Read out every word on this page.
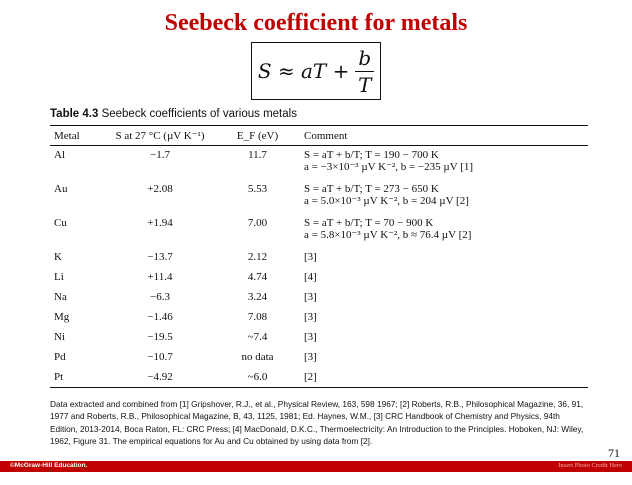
Seebeck coefficient for metals
S ≈ aT + $\frac{b}{T}$
Table 4.3 Seebeck coefficients of various metals
Metal	S at 27 °C (µV K⁻¹)	E_F (eV)	Comment
Al	−1.7	11.7	S = aT + b/T; T = 190 − 700 K
a = −3×10⁻³ µV K⁻², b = −235 µV [1]

Au	+2.08	5.53	S = aT + b/T; T = 273 − 650 K
a = 5.0×10⁻³ µV K⁻², b = 204 µV [2]

Cu	+1.94	7.00	S = aT + b/T; T = 70 − 900 K
a = 5.8×10⁻³ µV K⁻², b ≈ 76.4 µV [2]

K	−13.7	2.12	[3]

Li	+11.4	4.74	[4]

Na	−6.3	3.24	[3]

Mg	−1.46	7.08	[3]

Ni	−19.5	~7.4	[3]

Pd	−10.7	no data	[3]

Pt	−4.92	~6.0	[2]
Data extracted and combined from [1] Gripshover, R.J., et al., Physical Review, 163, 598 1967; [2] Roberts, R.B., Philosophical Magazine, 36, 91, 1977 and Roberts, R.B., Philosophical Magazine, B, 43, 1125, 1981; Ed. Haynes, W.M., [3] CRC Handbook of Chemistry and Physics, 94th Edition, 2013-2014, Boca Raton, FL: CRC Press; [4] MacDonald, D.K.C., Thermoelectricity: An Introduction to the Principles. Hoboken, NJ: Wiley, 1962, Figure 31. The empirical equations for Au and Cu obtained by using data from [2].
71
©McGraw-Hill Education.	Insert Photo Credit Here
